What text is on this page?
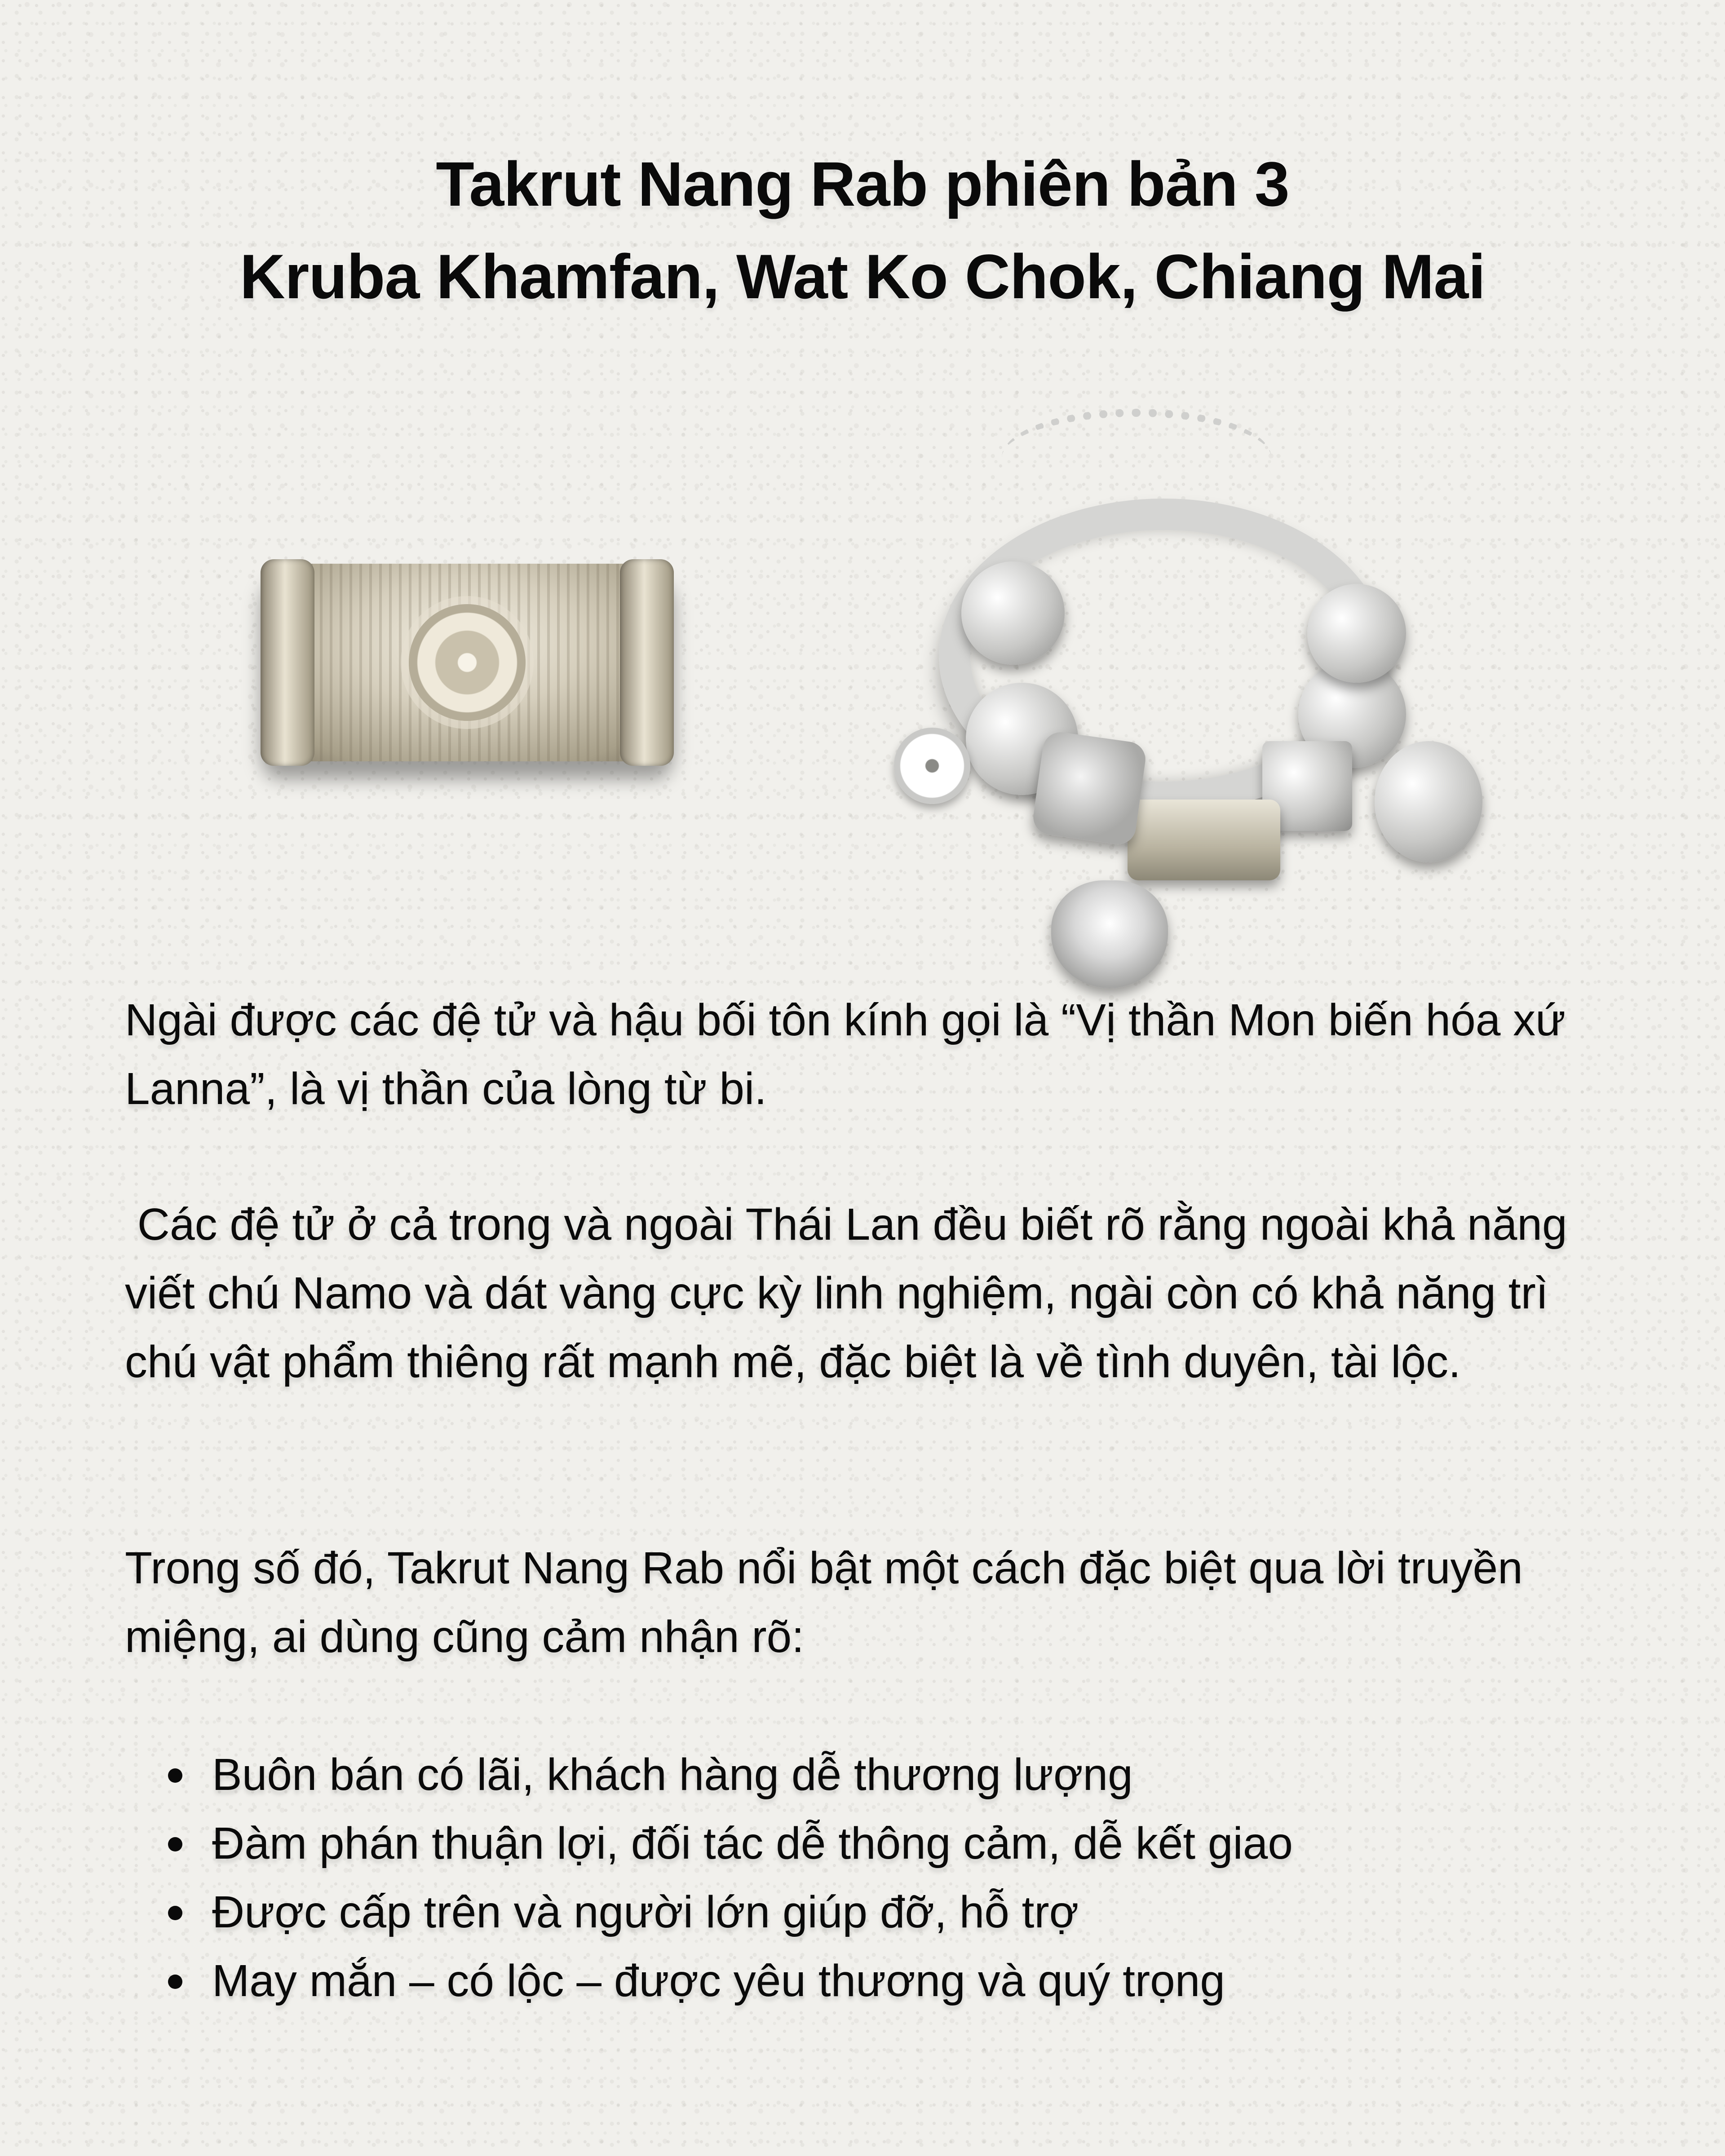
Takrut Nang Rab phiên bản 3
Kruba Khamfan, Wat Ko Chok, Chiang Mai

Ngài được các đệ tử và hậu bối tôn kính gọi là “Vị thần Mon biến hóa xứ Lanna”, là vị thần của lòng từ bi.

Các đệ tử ở cả trong và ngoài Thái Lan đều biết rõ rằng ngoài khả năng viết chú Namo và dát vàng cực kỳ linh nghiệm, ngài còn có khả năng trì chú vật phẩm thiêng rất mạnh mẽ, đặc biệt là về tình duyên, tài lộc.

Trong số đó, Takrut Nang Rab nổi bật một cách đặc biệt qua lời truyền miệng, ai dùng cũng cảm nhận rõ:

Buôn bán có lãi, khách hàng dễ thương lượng
Đàm phán thuận lợi, đối tác dễ thông cảm, dễ kết giao
Được cấp trên và người lớn giúp đỡ, hỗ trợ
May mắn – có lộc – được yêu thương và quý trọng
